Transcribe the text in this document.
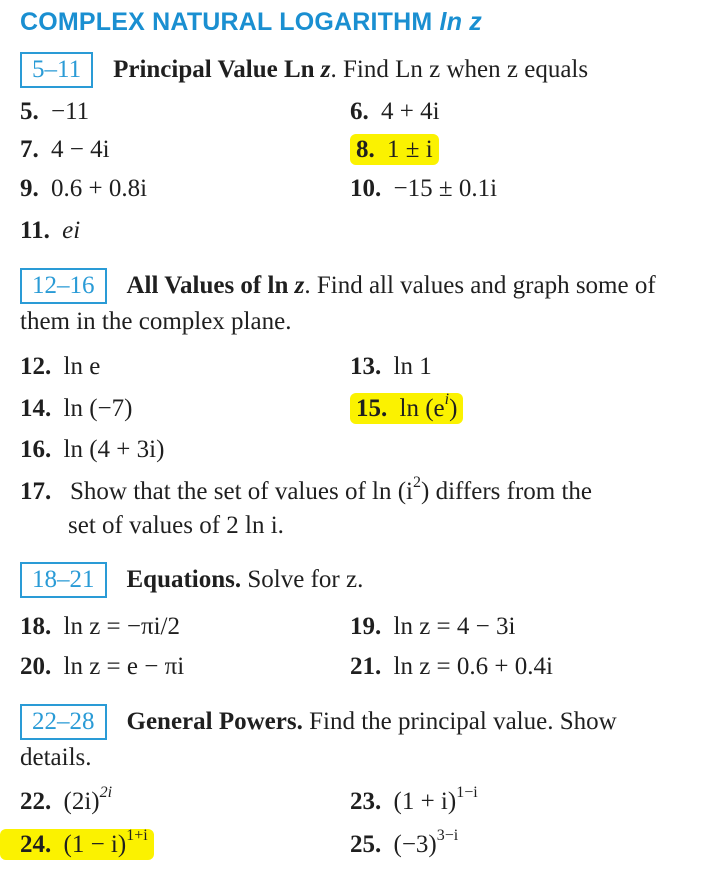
COMPLEX NATURAL LOGARITHM ln z
5–11 Principal Value Ln z. Find Ln z when z equals
5. −11	6. 4 + 4i
7. 4 − 4i	8. 1 ± i
9. 0.6 + 0.8i	10. −15 ± 0.1i
11. ei
12–16 All Values of ln z. Find all values and graph some of them in the complex plane.
12. ln e	13. ln 1
14. ln (−7)	15. $\ln (e^i)$
16. ln (4 + 3i)
17. Show that the set of values of $\ln (i^2)$ differs from the
set of values of 2 ln i.
18–21 Equations. Solve for z.
18. ln z = −πi/2	19. ln z = 4 − 3i
20. ln z = e − πi	21. ln z = 0.6 + 0.4i
22–28 General Powers. Find the principal value. Show details.
22. $(2i)^{2i}$	23. $(1 + i)^{1-i}$
24. $(1 - i)^{1+i}$	25. $(-3)^{3-i}$
